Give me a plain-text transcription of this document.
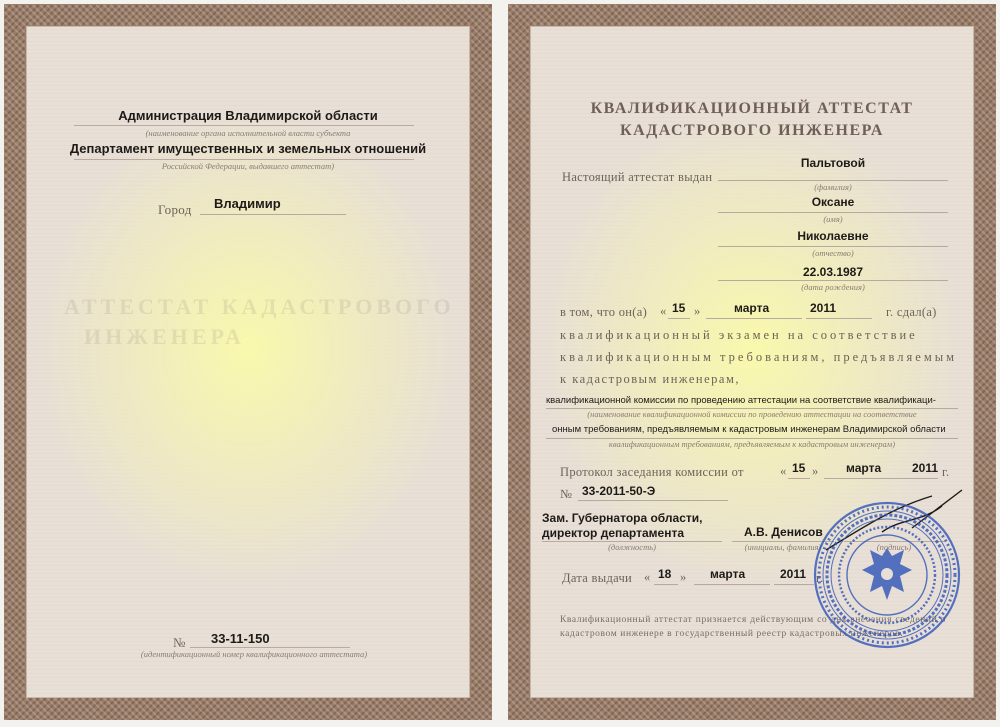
АТТЕСТАТ КАДАСТРОВОГО
ИНЖЕНЕРА
Администрация Владимирской области
(наименование органа исполнительной власти субъекта
Департамент имущественных и земельных отношений
Российской Федерации, выдавшего аттестат)
Город Владимир
№ 33-11-150
(идентификационный номер квалификационного аттестата)
КВАЛИФИКАЦИОННЫЙ АТТЕСТАТ
КАДАСТРОВОГО ИНЖЕНЕРА
Настоящий аттестат выдан
Пальтовой
(фамилия)
Оксане
(имя)
Николаевне
(отчество)
22.03.1987
(дата рождения)
в том, что он(а) « 15 »	марта	2011	г. сдал(а)
квалификационный экзамен на соответствие
квалификационным требованиям, предъявляемым
к кадастровым инженерам,
квалификационной комиссии по проведению аттестации на соответствие квалификаци-
(наименование квалификационной комиссии по проведению аттестации на соответствие
онным требованиям, предъявляемым к кадастровым инженерам Владимирской области
квалификационным требованиям, предъявляемым к кадастровым инженерам)
Протокол заседания комиссии от	« 15 » марта	2011 г.
№ 33-2011-50-Э
Зам. Губернатора области,
директор департамента
(должность)
А.В. Денисов
(инициалы, фамилия)	(подпись)
Дата выдачи « 18 » марта	2011 г.
Квалификационный аттестат признается действующим со дня внесения сведений о кадастровом инженере в государственный реестр кадастровых инженеров.
